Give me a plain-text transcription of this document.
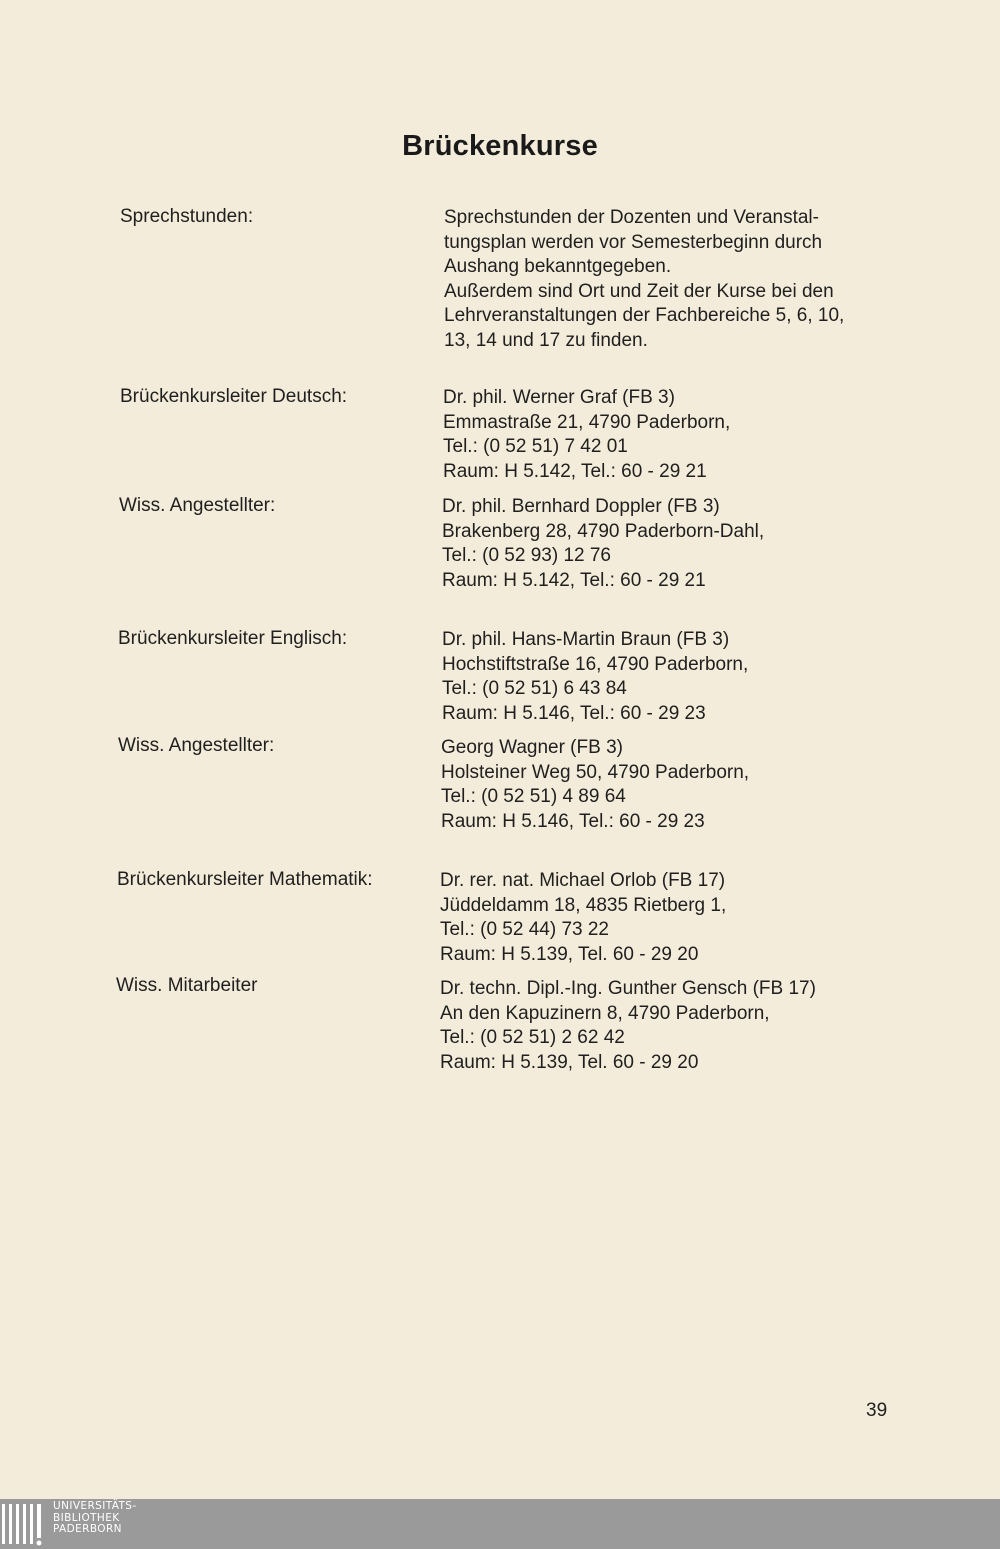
Brückenkurse
Sprechstunden:	Sprechstunden der Dozenten und Veranstal-
tungsplan werden vor Semesterbeginn durch
Aushang bekanntgegeben.
Außerdem sind Ort und Zeit der Kurse bei den
Lehrveranstaltungen der Fachbereiche 5, 6, 10,
13, 14 und 17 zu finden.
Brückenkursleiter Deutsch:	Dr. phil. Werner Graf (FB 3)
Emmastraße 21, 4790 Paderborn,
Tel.: (0 52 51) 7 42 01
Raum: H 5.142, Tel.: 60 - 29 21
Wiss. Angestellter:	Dr. phil. Bernhard Doppler (FB 3)
Brakenberg 28, 4790 Paderborn-Dahl,
Tel.: (0 52 93) 12 76
Raum: H 5.142, Tel.: 60 - 29 21
Brückenkursleiter Englisch:	Dr. phil. Hans-Martin Braun (FB 3)
Hochstiftstraße 16, 4790 Paderborn,
Tel.: (0 52 51) 6 43 84
Raum: H 5.146, Tel.: 60 - 29 23
Wiss. Angestellter:	Georg Wagner (FB 3)
Holsteiner Weg 50, 4790 Paderborn,
Tel.: (0 52 51) 4 89 64
Raum: H 5.146, Tel.: 60 - 29 23
Brückenkursleiter Mathematik:	Dr. rer. nat. Michael Orlob (FB 17)
Jüddeldamm 18, 4835 Rietberg 1,
Tel.: (0 52 44) 73 22
Raum: H 5.139, Tel. 60 - 29 20
Wiss. Mitarbeiter	Dr. techn. Dipl.-Ing. Gunther Gensch (FB 17)
An den Kapuzinern 8, 4790 Paderborn,
Tel.: (0 52 51) 2 62 42
Raum: H 5.139, Tel. 60 - 29 20
39
UNIVERSITÄTS-
BIBLIOTHEK
PADERBORN
